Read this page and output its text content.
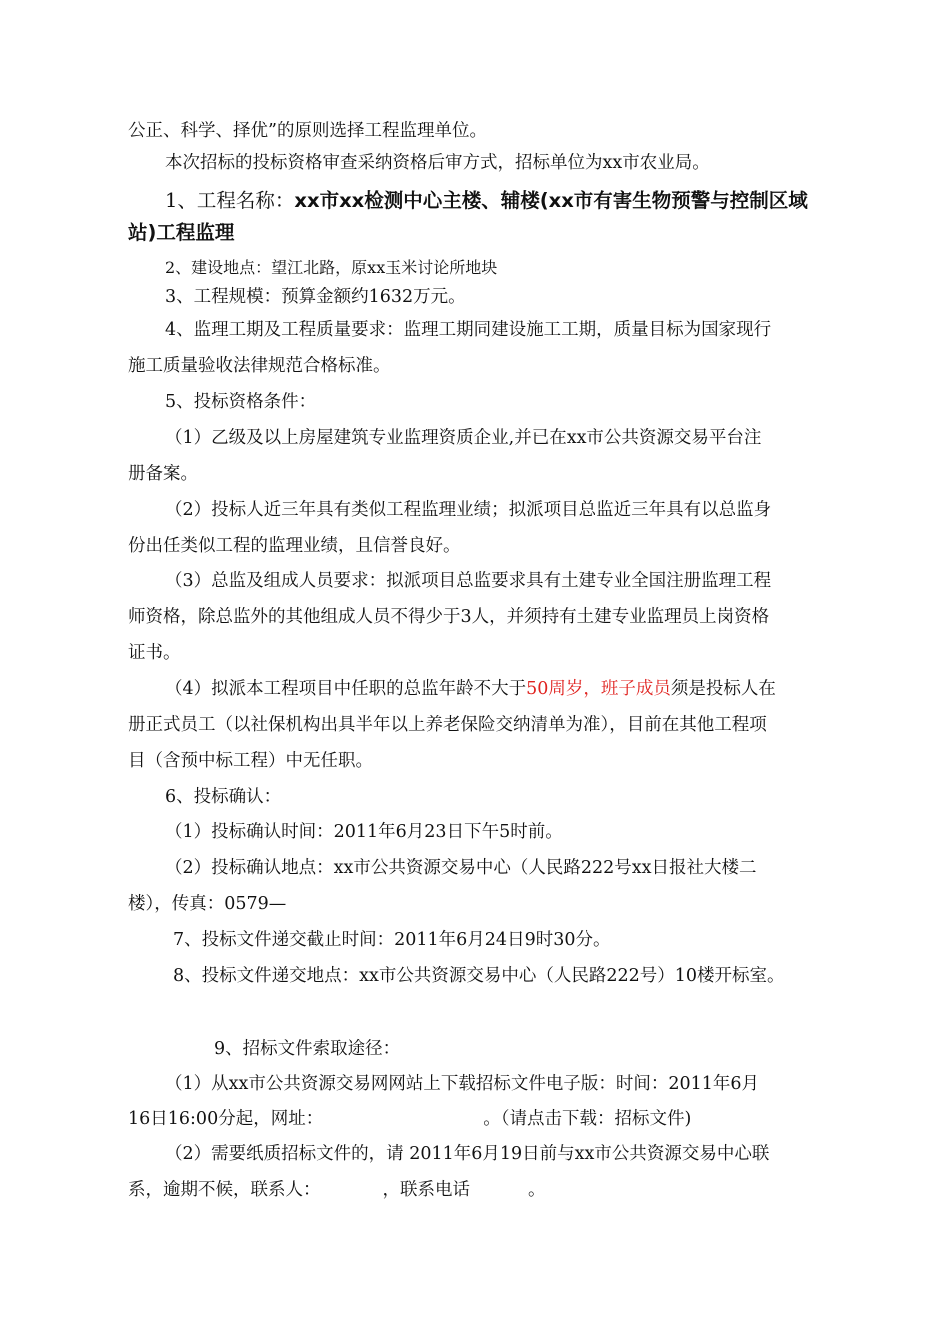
公正、科学、择优”的原则选择工程监理单位。
本次招标的投标资格审查采纳资格后审方式，招标单位为xx市农业局。
1、工程名称：xx市xx检测中心主楼、辅楼(xx市有害生物预警与控制区域
站)工程监理
2、建设地点：望江北路，原xx玉米讨论所地块
3、工程规模：预算金额约1632万元。
4、监理工期及工程质量要求：监理工期同建设施工工期，质量目标为国家现行
施工质量验收法律规范合格标准。
5、投标资格条件：
（1）乙级及以上房屋建筑专业监理资质企业,并已在xx市公共资源交易平台注
册备案。
（2）投标人近三年具有类似工程监理业绩；拟派项目总监近三年具有以总监身
份出任类似工程的监理业绩，且信誉良好。
（3）总监及组成人员要求：拟派项目总监要求具有土建专业全国注册监理工程
师资格，除总监外的其他组成人员不得少于3人，并须持有土建专业监理员上岗资格
证书。
（4）拟派本工程项目中任职的总监年龄不大于50周岁，班子成员须是投标人在
册正式员工（以社保机构出具半年以上养老保险交纳清单为准），目前在其他工程项
目（含预中标工程）中无任职。
6、投标确认：
（1）投标确认时间：2011年6月23日下午5时前。
（2）投标确认地点：xx市公共资源交易中心（人民路222号xx日报社大楼二
楼），传真：0579—
7、投标文件递交截止时间：2011年6月24日9时30分。
8、投标文件递交地点：xx市公共资源交易中心（人民路222号）10楼开标室。
9、招标文件索取途径：
（1）从xx市公共资源交易网网站上下载招标文件电子版：时间：2011年6月
16日16:00分起，网址：	。（请点击下载：招标文件)
（2）需要纸质招标文件的，请 2011年6月19日前与xx市公共资源交易中心联
系，逾期不候，联系人：	，联系电话	。
